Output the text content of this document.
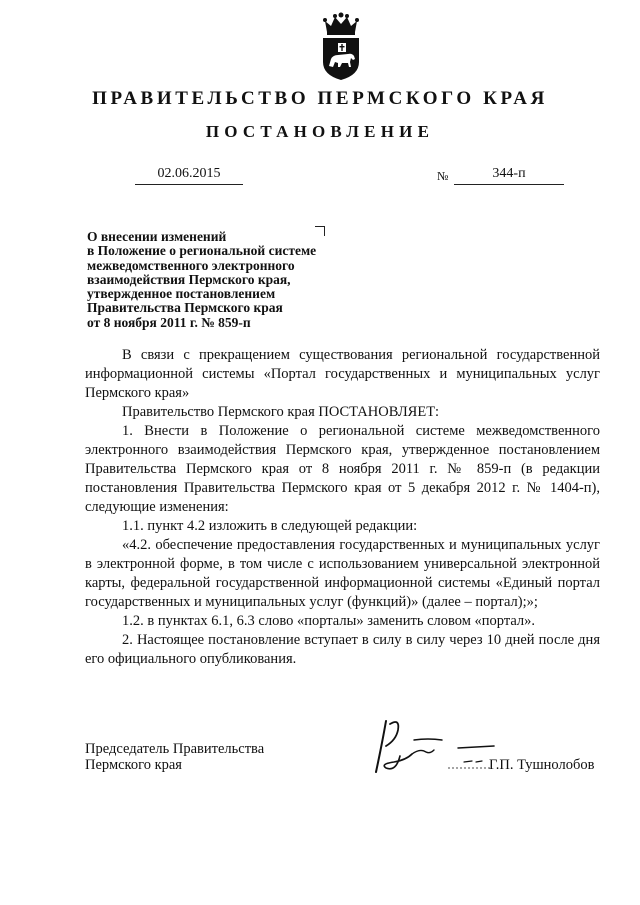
ПРАВИТЕЛЬСТВО ПЕРМСКОГО КРАЯ
ПОСТАНОВЛЕНИЕ
02.06.2015	№	344-п
О внесении изменений
в Положение о региональной системе
межведомственного электронного
взаимодействия Пермского края,
утвержденное постановлением
Правительства Пермского края
от 8 ноября 2011 г. № 859-п

В связи с прекращением существования региональной государственной информационной системы «Портал государственных и муниципальных услуг Пермского края»

Правительство Пермского края ПОСТАНОВЛЯЕТ:

1. Внести в Положение о региональной системе межведомственного электронного взаимодействия Пермского края, утвержденное постановлением Правительства Пермского края от 8 ноября 2011 г. № 859-п (в редакции постановления Правительства Пермского края от 5 декабря 2012 г. № 1404-п), следующие изменения:

1.1. пункт 4.2 изложить в следующей редакции:

«4.2. обеспечение предоставления государственных и муниципальных услуг в электронной форме, в том числе с использованием универсальной электронной карты, федеральной государственной информационной системы «Единый портал государственных и муниципальных услуг (функций)» (далее – портал);»;

1.2. в пунктах 6.1, 6.3 слово «порталы» заменить словом «портал».

2. Настоящее постановление вступает в силу в силу через 10 дней после дня его официального опубликования.

Председатель Правительства
Пермского края	Г.П. Тушнолобов
